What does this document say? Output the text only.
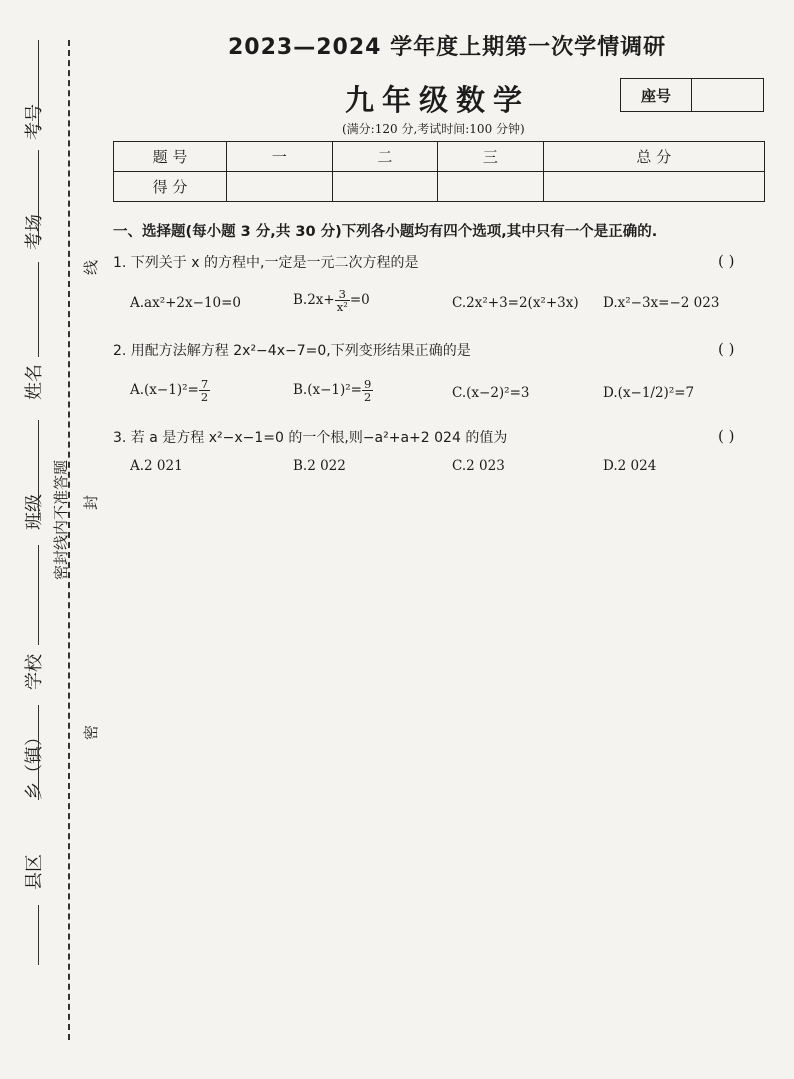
考号
考场
姓名
班级
学校
乡（镇）
县区
密封线内不准答题
线
封
密
2023—2024 学年度上期第一次学情调研
九年级数学	座号
(满分:120 分,考试时间:100 分钟)
题 号	一	二	三	总 分
得 分				
一、选择题(每小题 3 分,共 30 分)下列各小题均有四个选项,其中只有一个是正确的.
1. 下列关于 x 的方程中,一定是一元二次方程的是	( )
A.ax²+2x−10=0	$B.2x+ \frac{3}{\text{x²}} =0$	C.2x²+3=2(x²+3x) D.x²−3x=−2 023
2. 用配方法解方程 2x²−4x−7=0,下列变形结果正确的是	( )
$A.(x-1)^2= \frac{7}{2}$	$B.(x-1)^2= \frac{9}{2}$	C.(x−2)²=3	D.(x−1/2)²=7
3. 若 a 是方程 x²−x−1=0 的一个根,则−a²+a+2 024 的值为	( )
A.2 021	B.2 022	C.2 023	D.2 024
